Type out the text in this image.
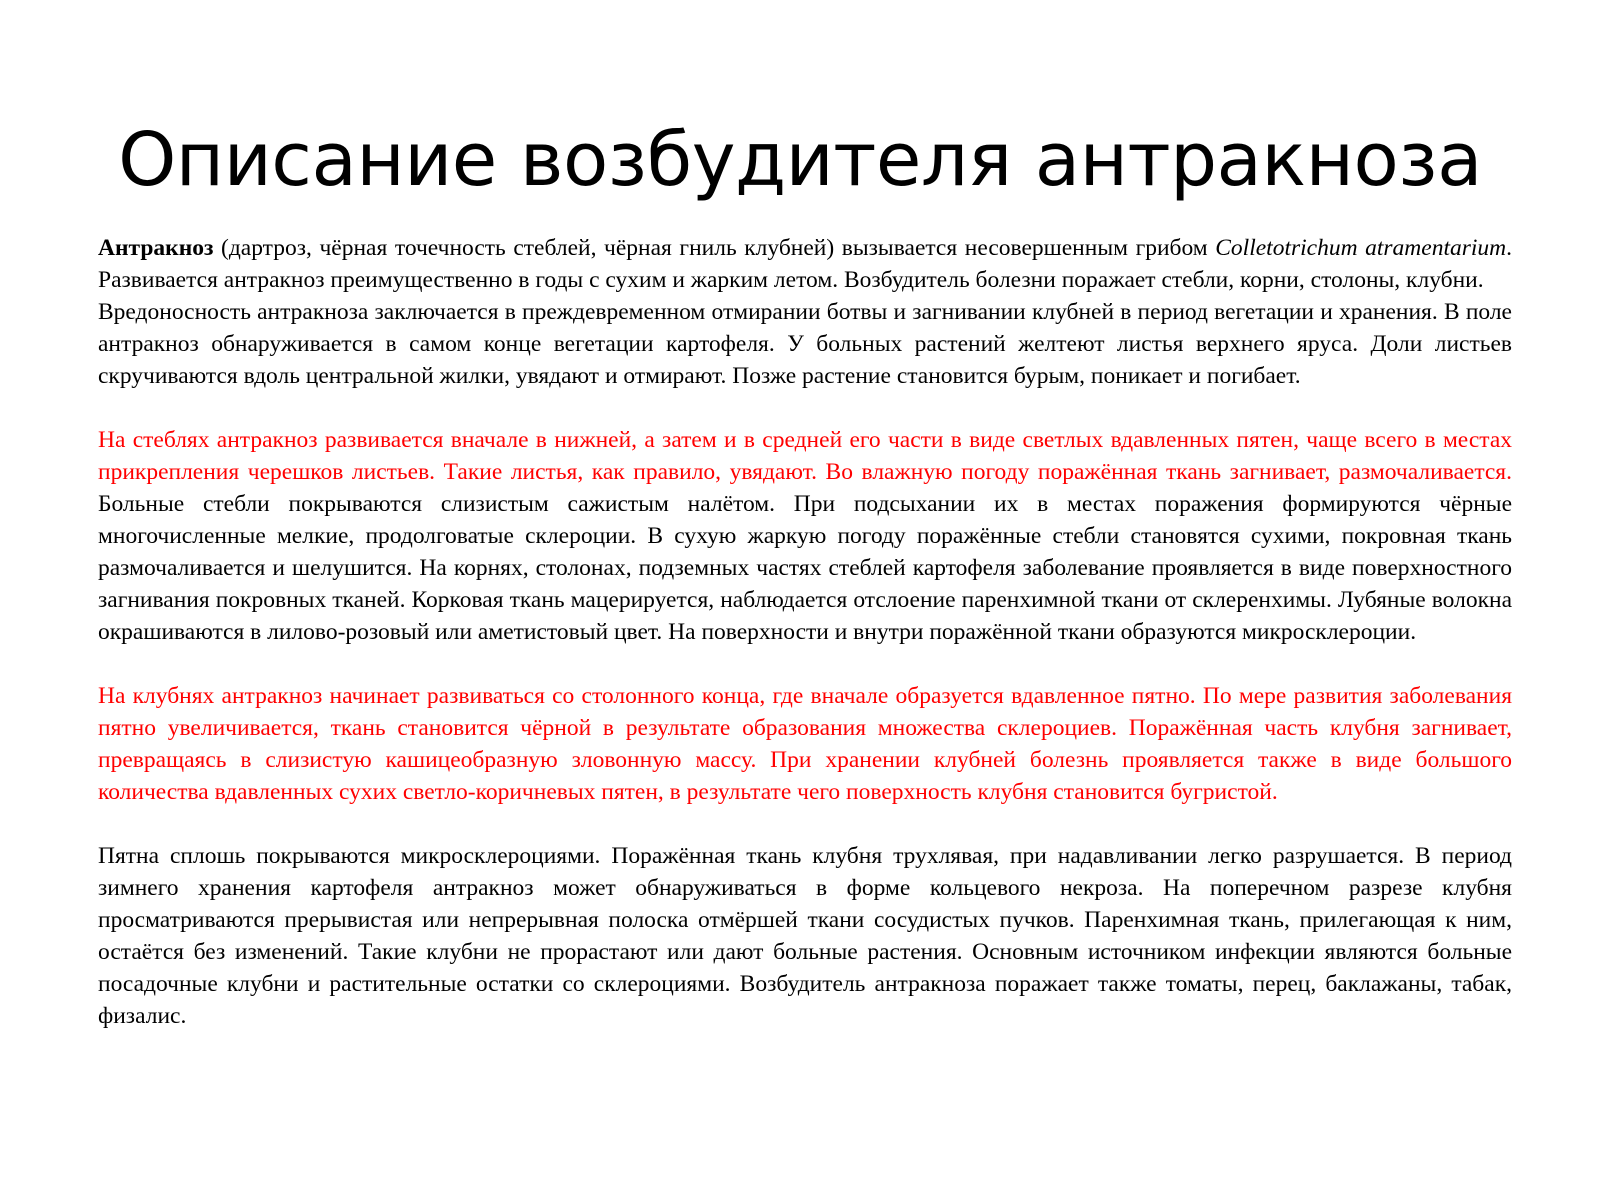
Описание возбудителя антракноза

Антракноз (дартроз, чёрная точечность стеблей, чёрная гниль клубней) вызывается несовершенным грибом Colletotrichum atramentarium. Развивается антракноз преимущественно в годы с сухим и жарким летом. Возбудитель болезни поражает стебли, корни, столоны, клубни.

Вредоносность антракноза заключается в преждевременном отмирании ботвы и загнивании клубней в период вегетации и хранения. В поле антракноз обнаруживается в самом конце вегетации картофеля. У больных растений желтеют листья верхнего яруса. Доли листьев скручиваются вдоль центральной жилки, увядают и отмирают. Позже растение становится бурым, поникает и погибает.

На стеблях антракноз развивается вначале в нижней, а затем и в средней его части в виде светлых вдавленных пятен, чаще всего в местах прикрепления черешков листьев. Такие листья, как правило, увядают. Во влажную погоду поражённая ткань загнивает, размочаливается. Больные стебли покрываются слизистым сажистым налётом. При подсыхании их в местах поражения формируются чёрные многочисленные мелкие, продолговатые склероции. В сухую жаркую погоду поражённые стебли становятся сухими, покровная ткань размочаливается и шелушится. На корнях, столонах, подземных частях стеблей картофеля заболевание проявляется в виде поверхностного загнивания покровных тканей. Корковая ткань мацерируется, наблюдается отслоение паренхимной ткани от склеренхимы. Лубяные волокна окрашиваются в лилово-розовый или аметистовый цвет. На поверхности и внутри поражённой ткани образуются микросклероции.

На клубнях антракноз начинает развиваться со столонного конца, где вначале образуется вдавленное пятно. По мере развития заболевания пятно увеличивается, ткань становится чёрной в результате образования множества склероциев. Поражённая часть клубня загнивает, превращаясь в слизистую кашицеобразную зловонную массу. При хранении клубней болезнь проявляется также в виде большого количества вдавленных сухих светло-коричневых пятен, в результате чего поверхность клубня становится бугристой.

Пятна сплошь покрываются микросклероциями. Поражённая ткань клубня трухлявая, при надавливании легко разрушается. В период зимнего хранения картофеля антракноз может обнаруживаться в форме кольцевого некроза. На поперечном разрезе клубня просматриваются прерывистая или непрерывная полоска отмёршей ткани сосудистых пучков. Паренхимная ткань, прилегающая к ним, остаётся без изменений. Такие клубни не прорастают или дают больные растения. Основным источником инфекции являются больные посадочные клубни и растительные остатки со склероциями. Возбудитель антракноза поражает также томаты, перец, баклажаны, табак, физалис.
